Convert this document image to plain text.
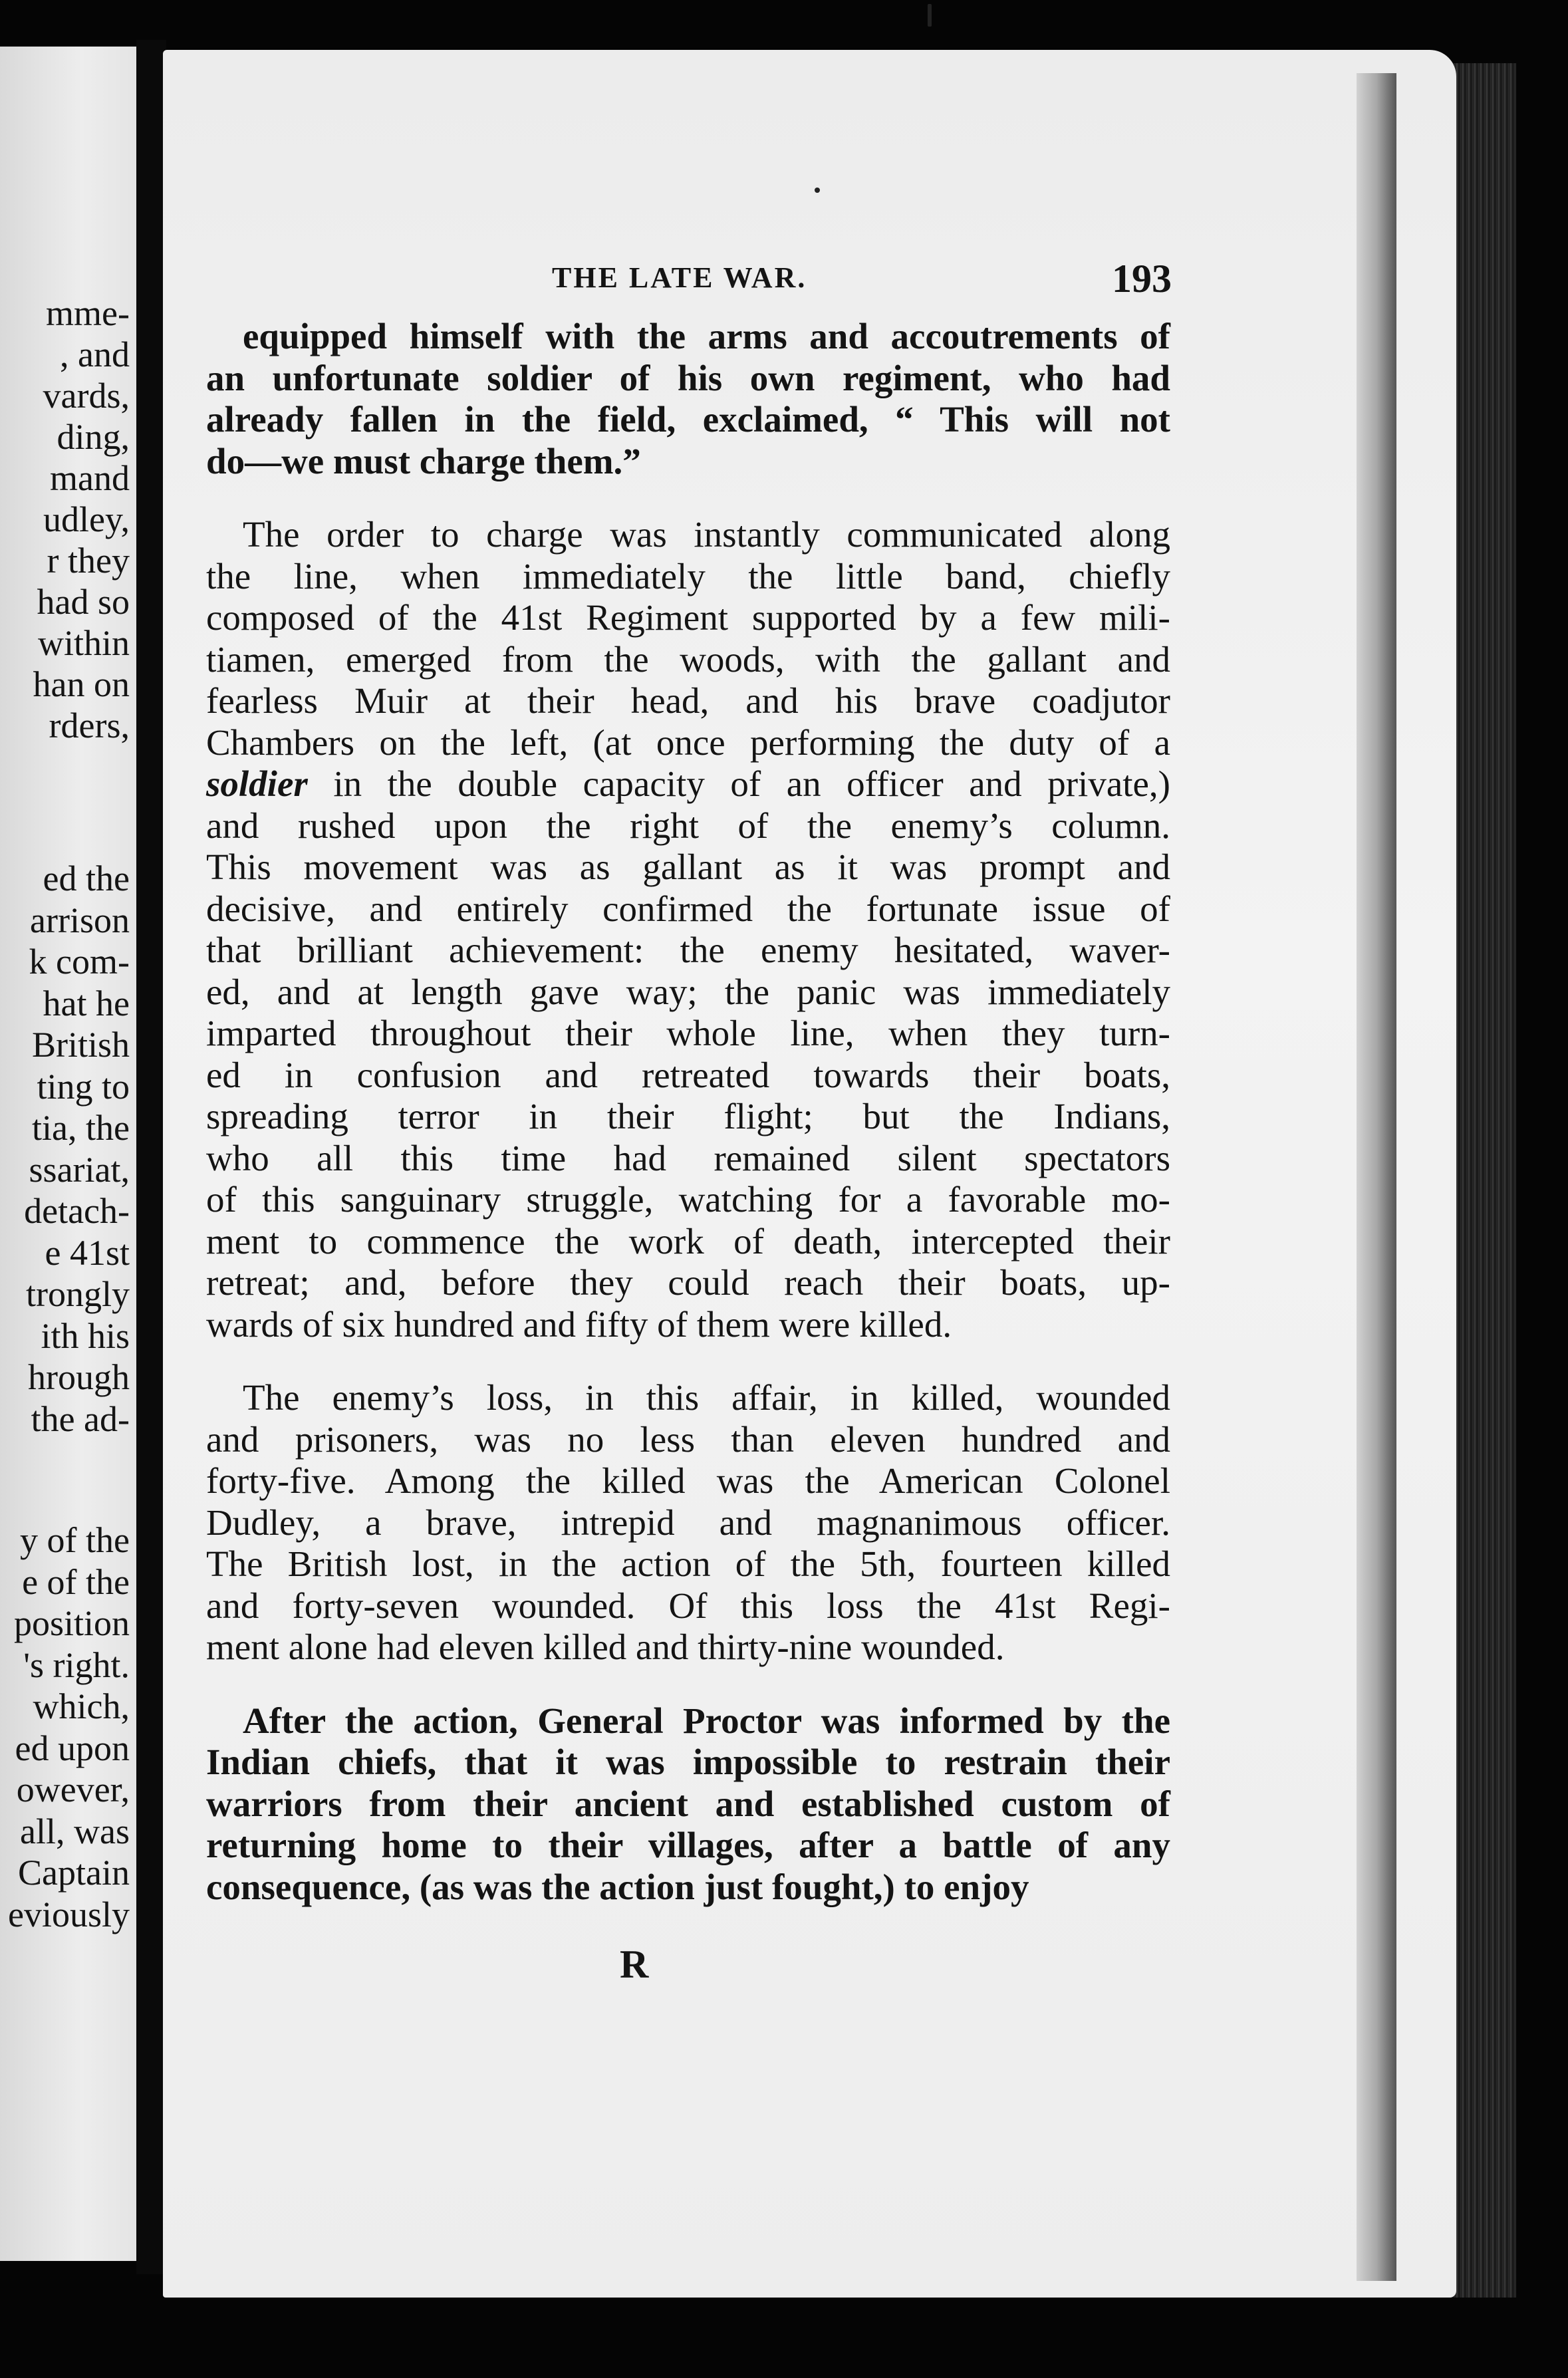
mme-
, and
vards,
ding,
mand
udley,
r they
had so
within
han on
rders,
ed the
arrison
k com-
hat he
British
ting to
tia, the
ssariat,
detach-
e 41st
trongly
ith his
hrough
the ad-
y of the
e of the
position
's right.
which,
ed upon
owever,
all, was
Captain
eviously
THE LATE WAR.	193
equipped himself with the arms and accoutrements of
an unfortunate soldier of his own regiment, who had
already fallen in the field, exclaimed, “ This will not
do—we must charge them.”
The order to charge was instantly communicated along
the line, when immediately the little band, chiefly
composed of the 41st Regiment supported by a few mili-
tiamen, emerged from the woods, with the gallant and
fearless Muir at their head, and his brave coadjutor
Chambers on the left, (at once performing the duty of a
soldier in the double capacity of an officer and private,)
and rushed upon the right of the enemy’s column.
This movement was as gallant as it was prompt and
decisive, and entirely confirmed the fortunate issue of
that brilliant achievement: the enemy hesitated, waver-
ed, and at length gave way; the panic was immediately
imparted throughout their whole line, when they turn-
ed in confusion and retreated towards their boats,
spreading terror in their flight; but the Indians,
who all this time had remained silent spectators
of this sanguinary struggle, watching for a favorable mo-
ment to commence the work of death, intercepted their
retreat; and, before they could reach their boats, up-
wards of six hundred and fifty of them were killed.
The enemy’s loss, in this affair, in killed, wounded
and prisoners, was no less than eleven hundred and
forty-five. Among the killed was the American Colonel
Dudley, a brave, intrepid and magnanimous officer.
The British lost, in the action of the 5th, fourteen killed
and forty-seven wounded. Of this loss the 41st Regi-
ment alone had eleven killed and thirty-nine wounded.
After the action, General Proctor was informed by the
Indian chiefs, that it was impossible to restrain their
warriors from their ancient and established custom of
returning home to their villages, after a battle of any
consequence, (as was the action just fought,) to enjoy
R
